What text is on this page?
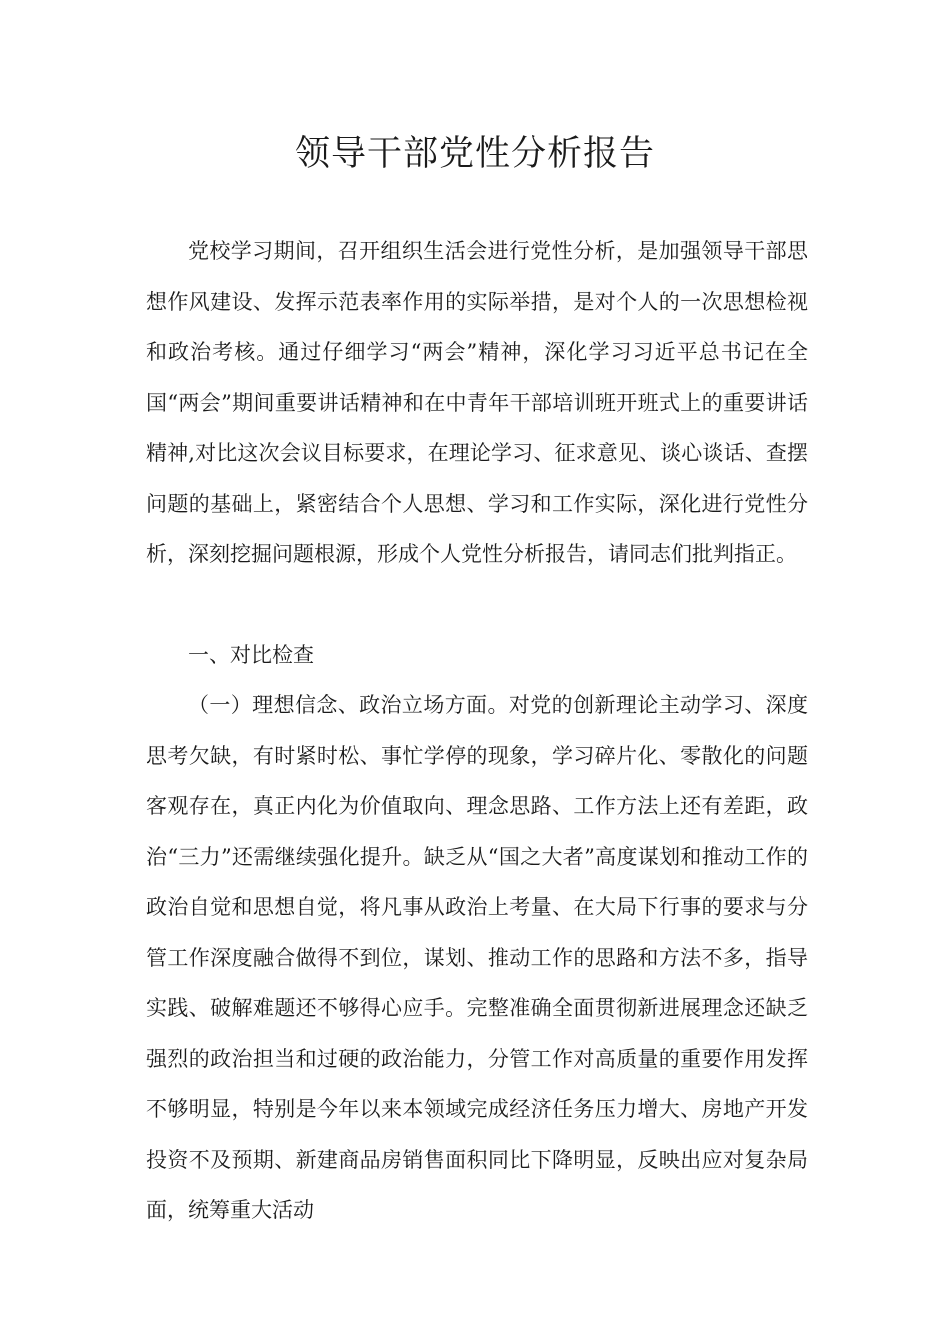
领导干部党性分析报告

党校学习期间，召开组织生活会进行党性分析，是加强领导干部思想作风建设、发挥示范表率作用的实际举措，是对个人的一次思想检视和政治考核。通过仔细学习“两会”精神，深化学习习近平总书记在全国“两会”期间重要讲话精神和在中青年干部培训班开班式上的重要讲话精神,对比这次会议目标要求，在理论学习、征求意见、谈心谈话、查摆问题的基础上，紧密结合个人思想、学习和工作实际，深化进行党性分析，深刻挖掘问题根源，形成个人党性分析报告，请同志们批判指正。

一、对比检查

（一）理想信念、政治立场方面。对党的创新理论主动学习、深度思考欠缺，有时紧时松、事忙学停的现象，学习碎片化、零散化的问题客观存在，真正内化为价值取向、理念思路、工作方法上还有差距，政治“三力”还需继续强化提升。缺乏从“国之大者”高度谋划和推动工作的政治自觉和思想自觉，将凡事从政治上考量、在大局下行事的要求与分管工作深度融合做得不到位，谋划、推动工作的思路和方法不多，指导实践、破解难题还不够得心应手。完整准确全面贯彻新进展理念还缺乏强烈的政治担当和过硬的政治能力，分管工作对高质量的重要作用发挥不够明显，特别是今年以来本领域完成经济任务压力增大、房地产开发投资不及预期、新建商品房销售面积同比下降明显，反映出应对复杂局面，统筹重大活动
